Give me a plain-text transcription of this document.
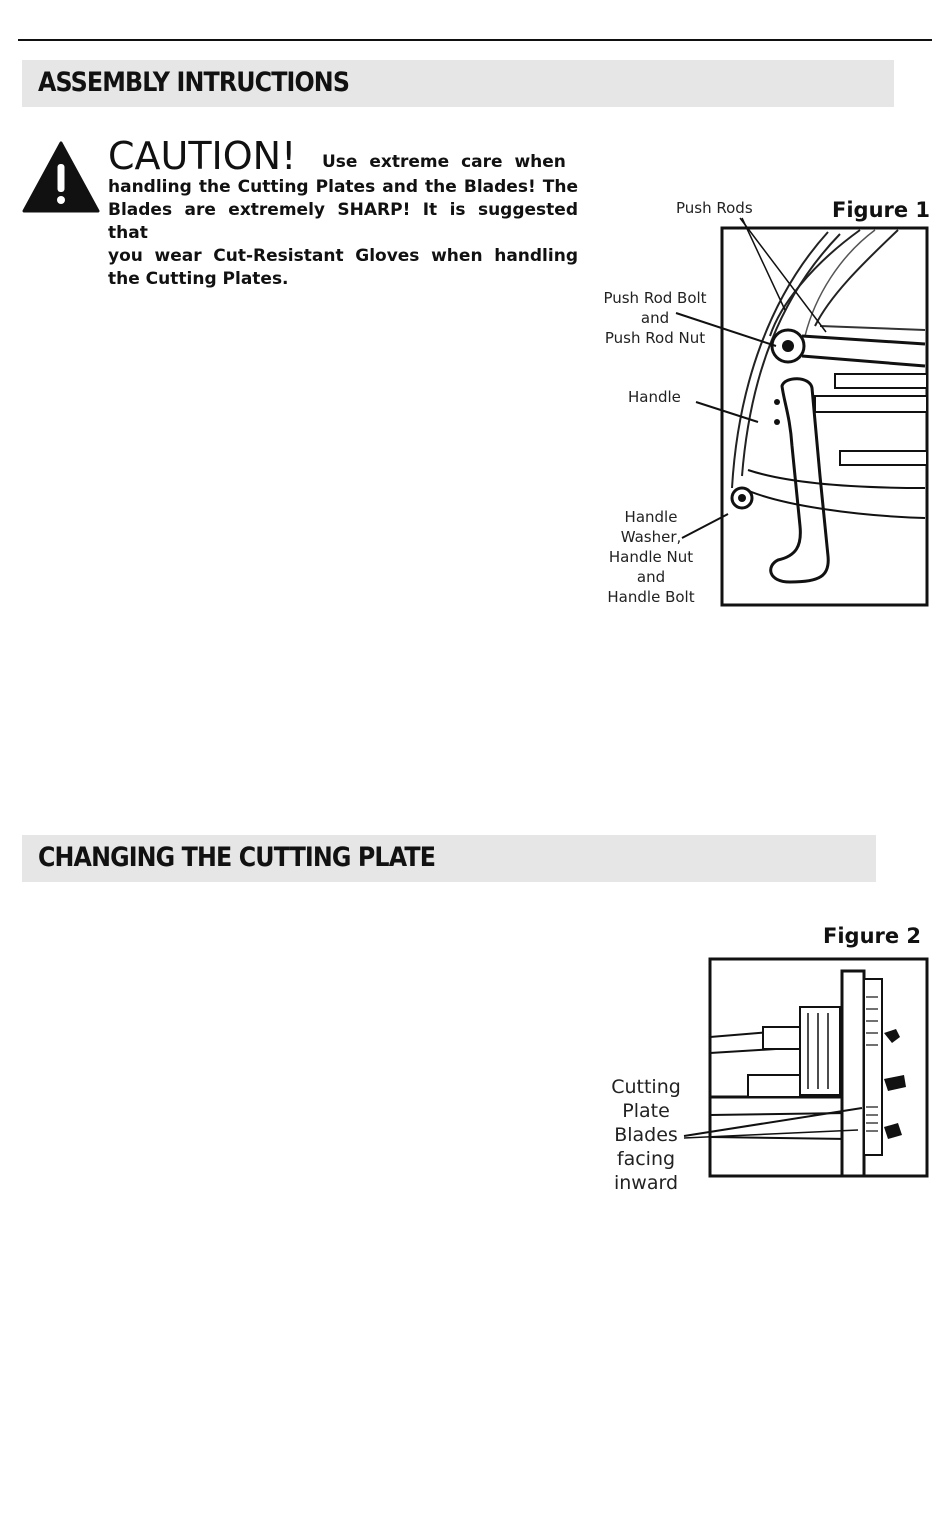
ASSEMBLY INTRUCTIONS
CAUTION!	Use extreme care when
handling the Cutting Plates and the Blades! The
Blades are extremely SHARP! It is suggested that
you wear Cut-Resistant Gloves when handling
the Cutting Plates.
Figure 1
Push Rods
Push Rod Bolt
and
Push Rod Nut
Handle
Handle
Washer,
Handle Nut
and
Handle Bolt
CHANGING THE CUTTING PLATE
Figure 2
Cutting
Plate
Blades
facing
inward
